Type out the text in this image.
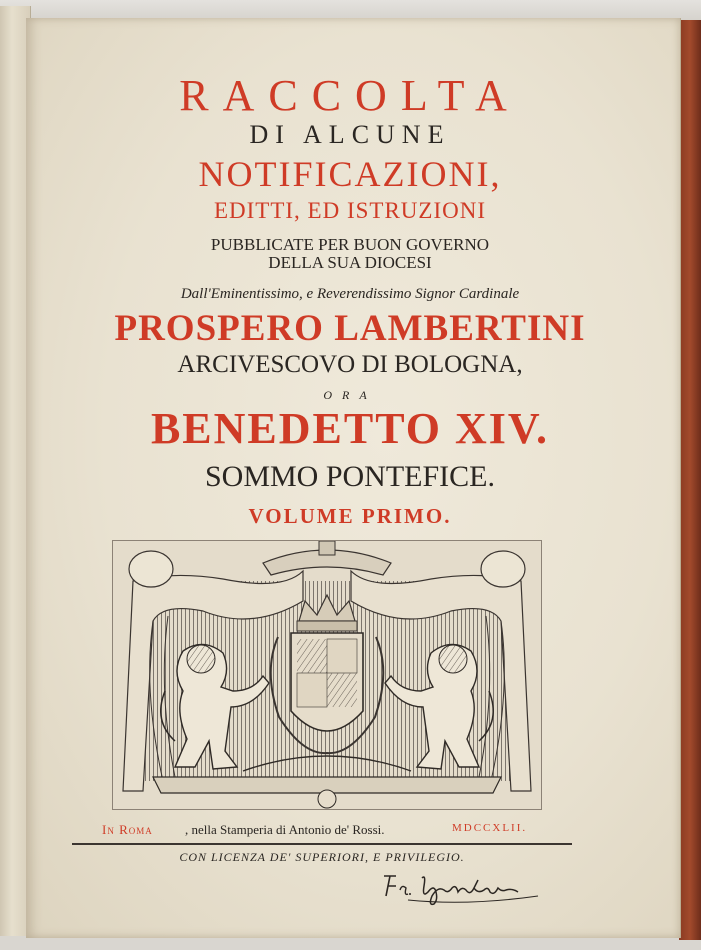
RACCOLTA
DI ALCUNE
NOTIFICAZIONI,
EDITTI, ED ISTRUZIONI
PUBBLICATE PER BUON GOVERNO
DELLA SUA DIOCESI
Dall'Eminentissimo, e Reverendissimo Signor Cardinale
PROSPERO LAMBERTINI
ARCIVESCOVO DI BOLOGNA,
ORA
BENEDETTO XIV.
SOMMO PONTEFICE.
VOLUME PRIMO.
In Roma , nella Stamperia di Antonio de' Rossi.	MDCCXLII.
CON LICENZA DE' SUPERIORI, E PRIVILEGIO.
